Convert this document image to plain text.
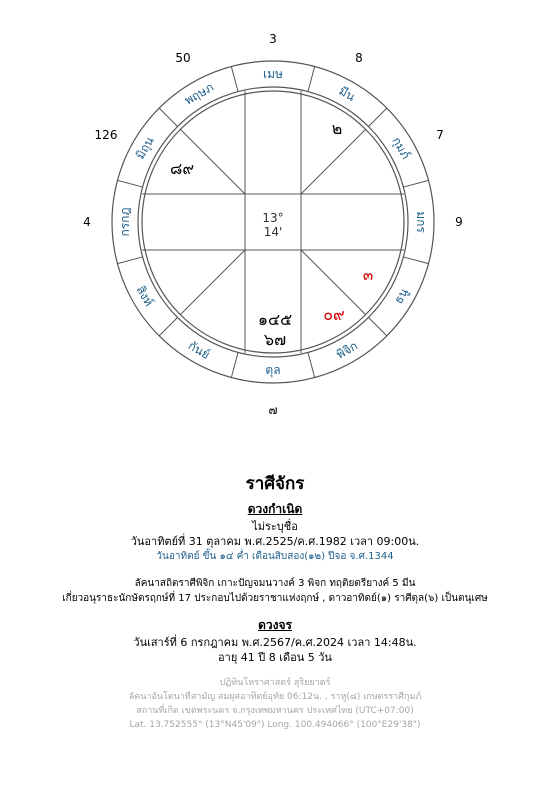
3
50	8
126	7
4	9
๗
เมษ
มีน
กุมภ์
มกร
ธนู
พิจิก
ตุล
กันย์
สิงห์
กรกฎ
มิถุน
พฤษภ
13°
14'
๒
๘๙
๓
๐๙
๑๔๕
๖๗
ราศีจักร
ดวงกำเนิด
ไม่ระบุชื่อ
วันอาทิตย์ที่ 31 ตุลาคม พ.ศ.2525/ค.ศ.1982 เวลา 09:00น.
วันอาทิตย์ ขึ้น ๑๔ ค่ำ เดือนสิบสอง(๑๒) ปีจอ จ.ศ.1344
ลัคนาสถิตราศีพิจิก เกาะปัญจมนวางค์ 3 พิจก ทฤติยตรียางค์ 5 มีน
เกี่ยวอนุราธะนักษัตรฤกษ์ที่ 17 ประกอบไปด้วยราชาแห่งฤกษ์ , ดาวอาทิตย์(๑) ราศีตุล(๖) เป็นตนุเศษ
ดวงจร
วันเสาร์ที่ 6 กรกฎาคม พ.ศ.2567/ค.ศ.2024 เวลา 14:48น.
อายุ 41 ปี 8 เดือน 5 วัน
ปฏิทินโหราศาสตร์ สุริยยาตร์
ลัคนาอันโตนาทีสามัญ สมผุสอาทิตย์อุทัย 06:12น. , ราหู(๘) เกษตรราศีกุมภ์
สถานที่เกิด เขตพระนคร จ.กรุงเทพมหานคร ประเทศไทย (UTC+07:00)
Lat. 13.752555° (13°N45'09") Long. 100.494066° (100°E29'38")
